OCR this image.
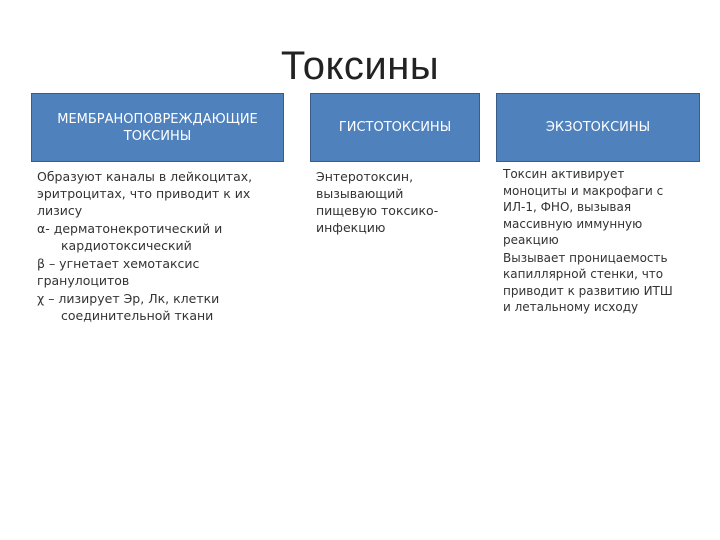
Токсины
МЕМБРАНОПОВРЕЖДАЮЩИЕ ТОКСИНЫ
ГИСТОТОКСИНЫ	ЭКЗОТОКСИНЫ

Образуют каналы в лейкоцитах,

эритроцитах, что приводит к их

лизису

α- дерматонекротический и

кардиотоксический

β – угнетает хемотаксис

гранулоцитов

χ – лизирует Эр, Лк, клетки

соединительной ткани

Энтеротоксин,

вызывающий

пищевую токсико-

инфекцию

Токсин активирует

моноциты и макрофаги с

ИЛ-1, ФНО, вызывая

массивную иммунную

реакцию

Вызывает проницаемость

капиллярной стенки, что

приводит к развитию ИТШ

и летальному исходу
